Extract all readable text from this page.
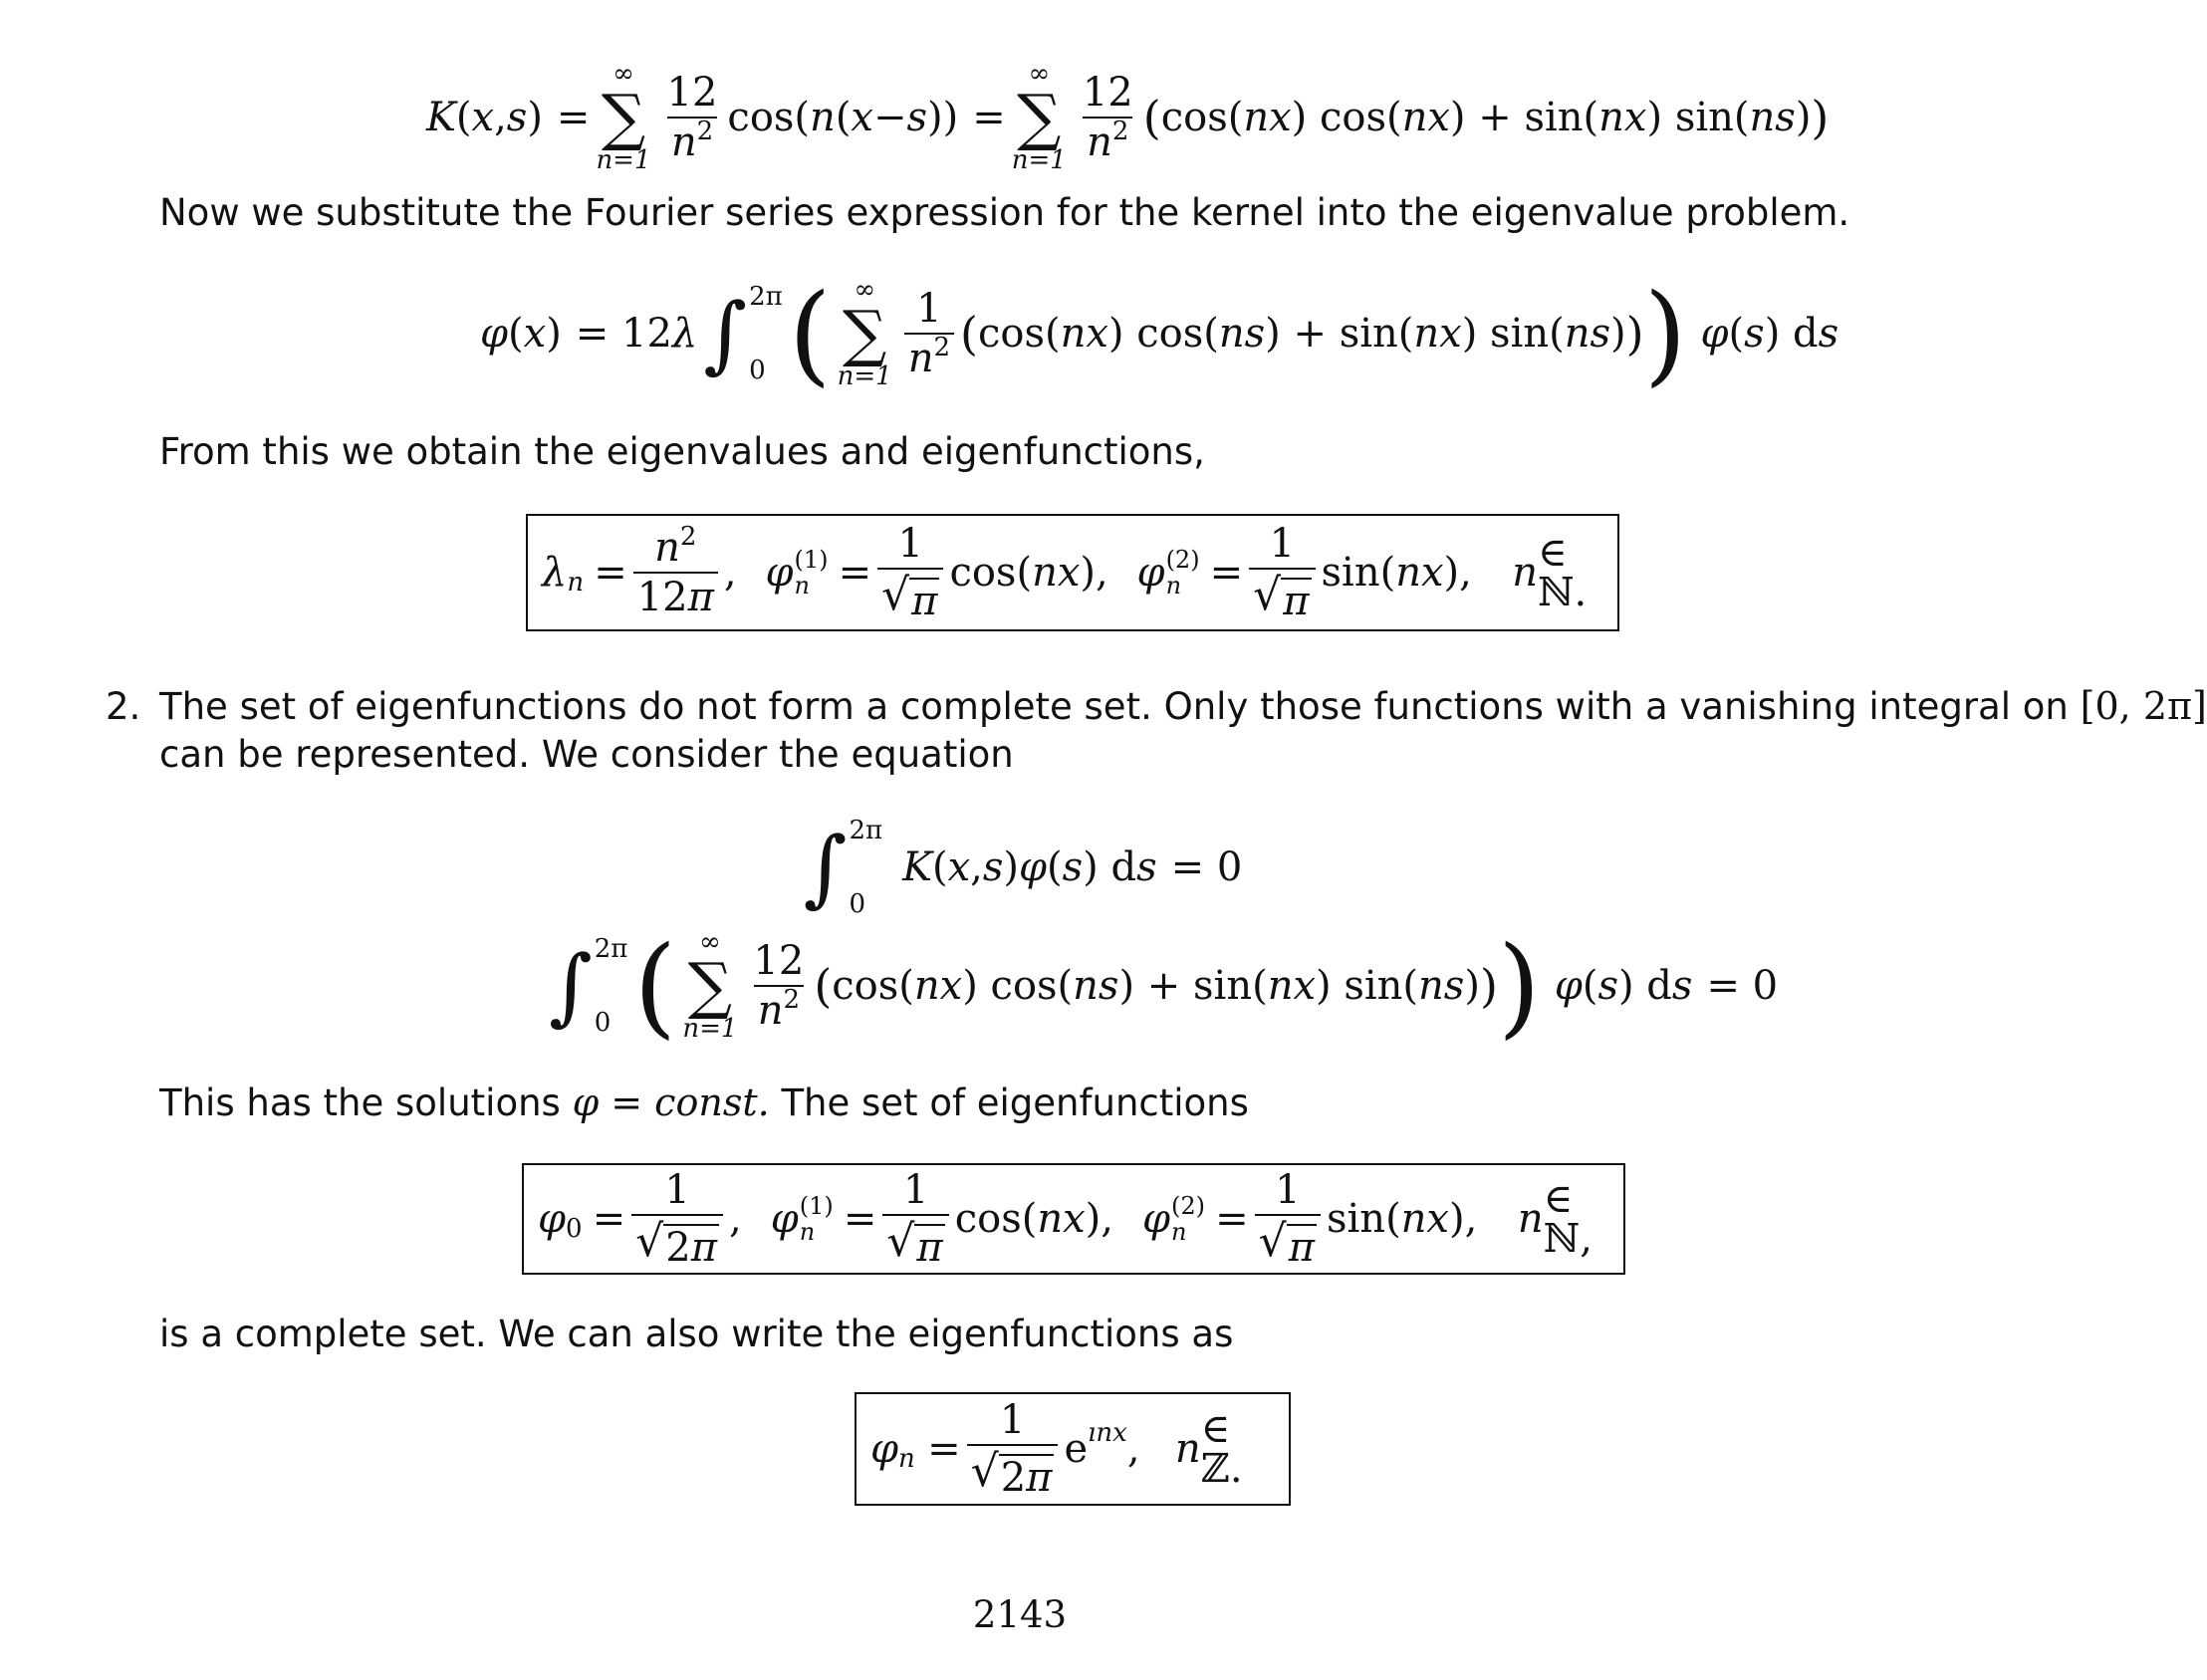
K ( x , s ) =
∞
∑
$n=1 \frac{12}{n^2} \cos$( n ( x − s )) =
∞
∑
$n=1 \frac{12}{n^2}$ ( cos( nx ) cos( nx ) + sin( nx ) sin( ns ) )
Now we substitute the Fourier series expression for the kernel into the eigenvalue problem.
φ ( x ) = 12 λ ∫ 2π
0 ( ∞
∑
$n=1 \frac{1}{n^2}$ ( cos( nx ) cos( ns ) + sin( nx ) sin( ns ) ) ) φ ( s ) d s
From this we obtain the eigenvalues and eigenfunctions,
λ $n = \frac{n^2}{12\pi}$ , φ (1)
$n = \frac{1}{√ \pi} \cos$( nx ), φ (2)
$n = \frac{1}{√ \pi} \sin$( nx ), n ∈ ℕ.
2. The set of eigenfunctions do not form a complete set. Only those functions with a vanishing integral on [0, 2π]
can be represented. We consider the equation
∫ 2π
0
K ( x , s ) φ ( s ) d s = 0
∫ 2π
0 ( ∞
∑
$n=1 \frac{12}{n^2}$ ( cos( nx ) cos( ns ) + sin( nx ) sin( ns ) ) ) φ ( s ) d s = 0
This has the solutions φ = const. The set of eigenfunctions
φ $0 = \frac{1}{√ 2\pi}$ , φ (1)
$n = \frac{1}{√ \pi} \cos$( nx ), φ (2)
$n = \frac{1}{√ \pi} \sin$( nx ), n ∈ ℕ,
is a complete set. We can also write the eigenfunctions as
φ $n = \frac{1}{√ 2\pi}$ e ınx , n ∈ ℤ.
2143
